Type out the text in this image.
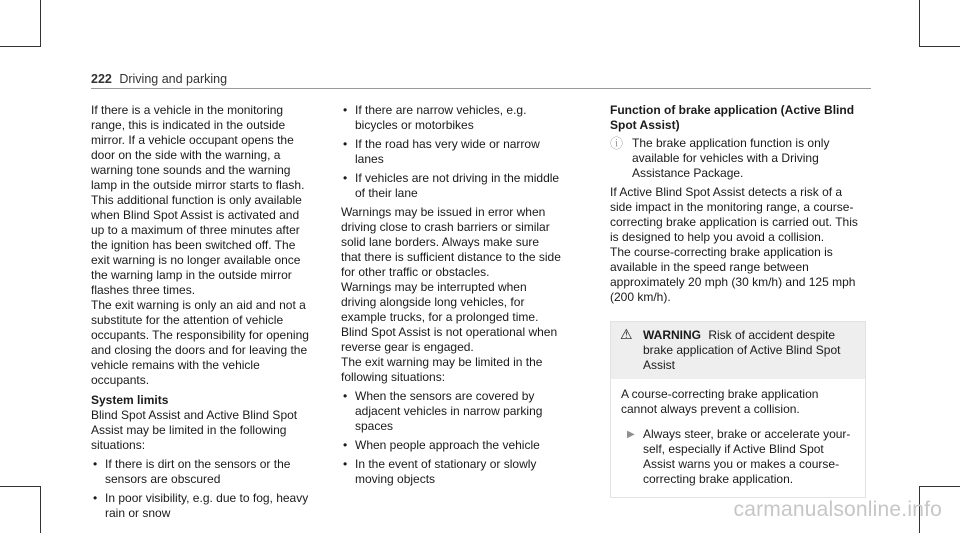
222 Driving and parking

If there is a vehicle in the monitoring range, this is indicated in the outside mirror. If a vehicle occupant opens the door on the side with the warning, a warning tone sounds and the warning lamp in the outside mirror starts to flash.

This additional function is only available when Blind Spot Assist is activated and up to a maximum of three minutes after the ignition has been switched off. The exit warning is no longer available once the warning lamp in the outside mirror flashes three times.

The exit warning is only an aid and not a substitute for the attention of vehicle occupants. The responsibility for opening and closing the doors and for leaving the vehicle remains with the vehicle occupants.

System limits

Blind Spot Assist and Active Blind Spot Assist may be limited in the following situations:

• If there is dirt on the sensors or the sensors are obscured
• In poor visibility, e.g. due to fog, heavy rain or snow
• If there are narrow vehicles, e.g. bicycles or motorbikes
• If the road has very wide or narrow lanes
• If vehicles are not driving in the middle of their lane

Warnings may be issued in error when driving close to crash barriers or similar solid lane borders. Always make sure that there is sufficient distance to the side for other traffic or obstacles.

Warnings may be interrupted when driving alongside long vehicles, for example trucks, for a prolonged time.

Blind Spot Assist is not operational when reverse gear is engaged.

The exit warning may be limited in the following situations:

• When the sensors are covered by adjacent vehicles in narrow parking spaces
• When people approach the vehicle
• In the event of stationary or slowly moving objects

Function of brake application (Active Blind Spot Assist)

ⓘ The brake application function is only available for vehicles with a Driving Assistance Package.

If Active Blind Spot Assist detects a risk of a side impact in the monitoring range, a course-correcting brake application is carried out. This is designed to help you avoid a collision.

The course-correcting brake application is available in the speed range between approximately 20 mph (30 km/h) and 125 mph (200 km/h).

⚠ WARNING Risk of accident despite brake application of Active Blind Spot Assist

A course-correcting brake application cannot always prevent a collision.

▶ Always steer, brake or accelerate your-self, especially if Active Blind Spot Assist warns you or makes a course-correcting brake application.
carmanualsonline.info
